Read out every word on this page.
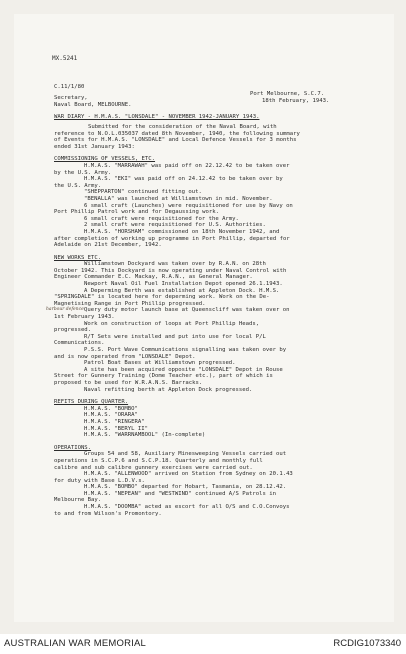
MX.5241
C.11/1/80
Secretary,
Naval Board, MELBOURNE.
Port Melbourne, S.C.7.
18th February, 1943.
WAR DIARY - H.M.A.S. "LONSDALE" - NOVEMBER 1942-JANUARY 1943.
Submitted for the consideration of the Naval Board, with
reference to N.O.L.035037 dated 8th November, 1940, the following summary
of Events for H.M.A.S. "LONSDALE" and Local Defence Vessels for 3 months
ended 31st January 1943:
COMMISSIONING OF VESSELS, ETC.
H.M.A.S. "MARRAWAH" was paid off on 22.12.42 to be taken over
by the U.S. Army.
H.M.A.S. "EKI" was paid off on 24.12.42 to be taken over by
the U.S. Army.
"SHEPPARTON" continued fitting out.
"BENALLA" was launched at Williamstown in mid. November.
6 small craft (Launches) were requisitioned for use by Navy on
Port Phillip Patrol work and for Degaussing work.
6 small craft were requisitioned for the Army.
2 small craft were requisitioned for U.S. Authorities.
H.M.A.S. "HORSHAM" commissioned on 18th November 1942, and
after completion of working up programme in Port Phillip, departed for
Adelaide on 21st December, 1942.
NEW WORKS ETC.
Williamstown Dockyard was taken over by R.A.N. on 28th
October 1942. This Dockyard is now operating under Naval Control with
Engineer Commander E.C. Mackay, R.A.N., as General Manager.
Newport Naval Oil Fuel Installation Depot opened 26.1.1943.
A Deperming Berth was established at Appleton Dock. H.M.S.
"SPRINGDALE" is located here for deperming work. Work on the De-
Magnetising Range in Port Phillip progressed.
harbour defence Query duty motor launch base at Queenscliff was taken over on
1st February 1943.
Work on construction of loops at Port Phillip Heads,
progressed.
R/T Sets were installed and put into use for local P/L
Communications.
P.S.S. Port Wave Communications signalling was taken over by
and is now operated from "LONSDALE" Depot.
Patrol Boat Bases at Williamstown progressed.
A site has been acquired opposite "LONSDALE" Depot in Rouse
Street for Gunnery Training (Dome Teacher etc.), part of which is
proposed to be used for W.R.A.N.S. Barracks.
Naval refitting berth at Appleton Dock progressed.
REFITS DURING QUARTER.
H.M.A.S. "BOMBO"
H.M.A.S. "ORARA"
H.M.A.S. "RINGERA"
H.M.A.S. "BERYL II"
H.M.A.S. "WARRNAMBOOL" (In-complete)
OPERATIONS.
Groups 54 and 58, Auxiliary Minesweeping Vessels carried out
operations in S.C.P.6 and S.C.P.18. Quarterly and monthly full
calibre and sub calibre gunnery exercises were carried out.
H.M.A.S. "ALLENWOOD" arrived on Station from Sydney on 20.1.43
for duty with Base L.D.V.s.
H.M.A.S. "BOMBO" departed for Hobart, Tasmania, on 28.12.42.
H.M.A.S. "NEPEAN" and "WESTWIND" continued A/S Patrols in
Melbourne Bay.
H.M.A.S. "DOOMBA" acted as escort for all O/S and C.O.Convoys
to and from Wilson's Promontory.
AUSTRALIAN WAR MEMORIAL	RCDIG1073340
